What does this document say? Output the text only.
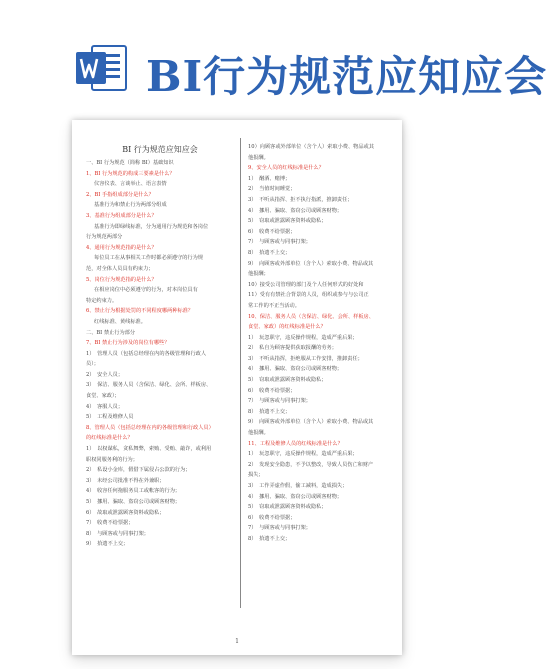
BI行为规范应知应会
BI 行为规范应知应会
一、BI 行为规范（简称 BI）基础知识
1、BI 行为规范的构成三要素是什么？
仪容仪表、言谈举止、语言表情
2、BI 手指组成部分是什么？
基准行为和禁止行为两部分组成
3、基准行为组成部分是什么？
基准行为即绿线标准，分为通用行为规范和各岗位
行为规范两部分
4、通用行为规范指的是什么？
每位员工在从事相关工作时都必须遵守的行为规
范，对全体人员具有约束力；
5、岗位行为规范指的是什么？
在相应岗位中必须遵守的行为，对本岗位具有
特定约束力。
6、禁止行为根据处罚的不同程度哪两种标准？
红线标准、黄线标准。
二、BI 禁止行为部分
7、BI 禁止行为涉及的岗位有哪些？
1）　管理人员（包括总经理在内的各级管理和行政人
员）；
2）　安全人员；
3）　保洁、服务人员（含保洁、绿化、会所、样板房、
食堂、家政）；
4）　客服人员；
5）　工程及维修人员
8、管理人员（包括总经理在内的各级管理和行政人员）
的红线标准是什么？
1）　以权谋私，贪私舞弊，索贿、受贿、敲诈，或利用
职权同服务利的行为；
2）　私设小金库，假借下属侵占公款的行为；
3）　未经公司批准不得在外兼职；
4）　收容任何拖服务员工或帐客的行为；
5）　挪用、骗取、盗窃公司或顾客财物；
6）　故取或泄露顾客资料或隐私；
7）　收费不给票据；
8）　与顾客或与同事打架；
9）　拾遗不上交；
10）向顾客或外部单位（含个人）索取小费、物品或其
他报酬。
9、安全人员的红线标准是什么？
1）　酗酒、赌博；
2）　当值时间睡觉；
3）　不听从指挥、拒不执行指派，推卸责任；
4）　挪用、骗取、盗窃公司或顾客财物；
5）　窃取或泄露顾客资料或隐私；
6）　收费不给票据；
7）　与顾客或与同事打架；
8）　拾遗不上交；
9）　向顾客或外部单位（含个人）索取小费、物品或其
他报酬；
10）接受公司管理的部门及个人任何形式的好处和
11）受有有禁社合背景的人员，组织或参与与公司正
常工作的不正当活动。
10、保洁、服务人员（含保洁、绿化、会所、样板房、
食堂、家政）的红线标准是什么？
1）　玩忽职守，违反操作规程，造成严重后果；
2）　私自为顾客提供获取报酬的劳务；
3）　不听从指挥，拒绝服从工作安排，推卸责任；
4）　挪用、骗取、盗窃公司或顾客财物；
5）　窃取或泄露顾客资料或隐私；
6）　收费不给票据；
7）　与顾客或与同事打架；
8）　拾遗不上交；
9）　向顾客或外部单位（含个人）索取小费、物品或其
他报酬。
11、工程及维修人员的红线标准是什么？
1）　玩忽职守，违反操作规程，造成严重后果；
2）　发现安全隐患，不予以整改，导致人员伤亡和财产
损失；
3）　工作弄虚作假，偷工减料，造成损失；
4）　挪用、骗取、盗窃公司或顾客财物；
5）　窃取或泄露顾客资料或隐私；
6）　收费不给票据；
7）　与顾客或与同事打架；
8）　拾遗不上交；
1
